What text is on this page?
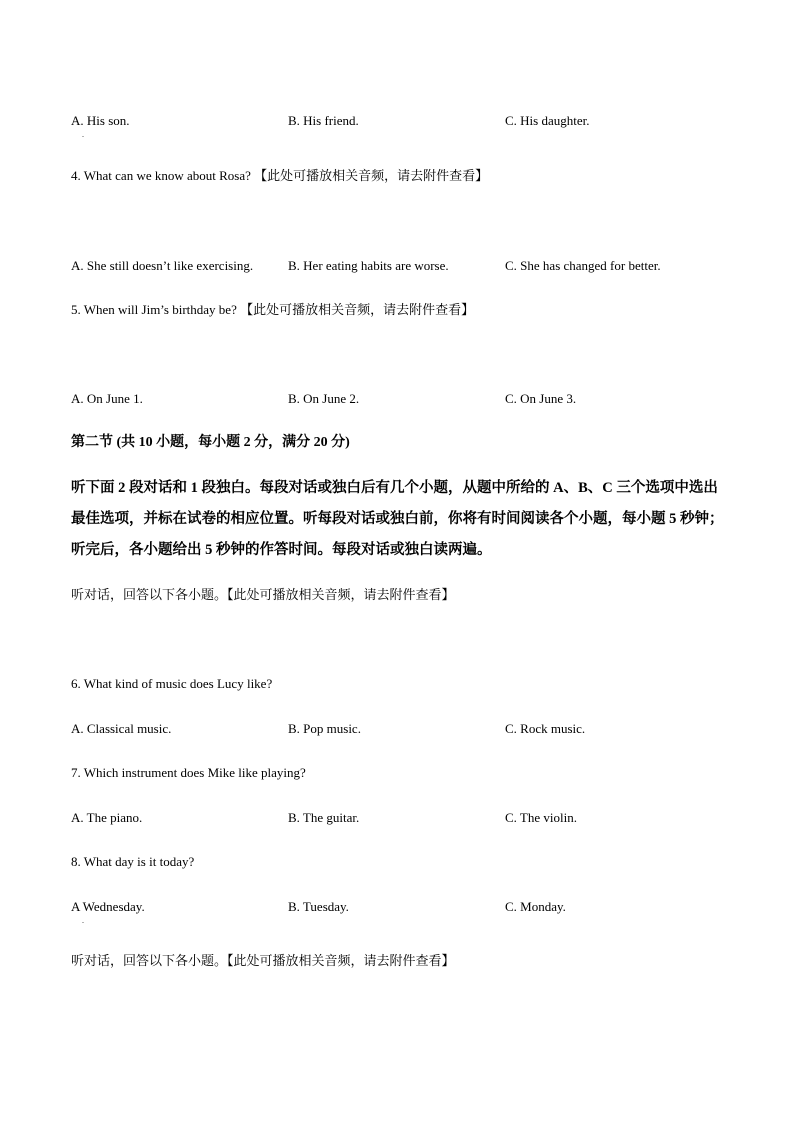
A. His son.	B. His friend.	C. His daughter.
.
4. What can we know about Rosa? 【此处可播放相关音频，请去附件查看】
A. She still doesn’t like exercising.	B. Her eating habits are worse.	C. She has changed for better.
5. When will Jim’s birthday be? 【此处可播放相关音频，请去附件查看】
A. On June 1.	B. On June 2.	C. On June 3.
第二节 (共 10 小题，每小题 2 分，满分 20 分)
听下面 2 段对话和 1 段独白。每段对话或独白后有几个小题，从题中所给的 A、B、C 三个选项中选出最佳选项，并标在试卷的相应位置。听每段对话或独白前，你将有时间阅读各个小题，每小题 5 秒钟；听完后，各小题给出 5 秒钟的作答时间。每段对话或独白读两遍。
听对话，回答以下各小题。【此处可播放相关音频，请去附件查看】
6. What kind of music does Lucy like?
A. Classical music.	B. Pop music.	C. Rock music.
7. Which instrument does Mike like playing?
A. The piano.	B. The guitar.	C. The violin.
8. What day is it today?
A Wednesday.	B. Tuesday.	C. Monday.
.
听对话，回答以下各小题。【此处可播放相关音频，请去附件查看】
